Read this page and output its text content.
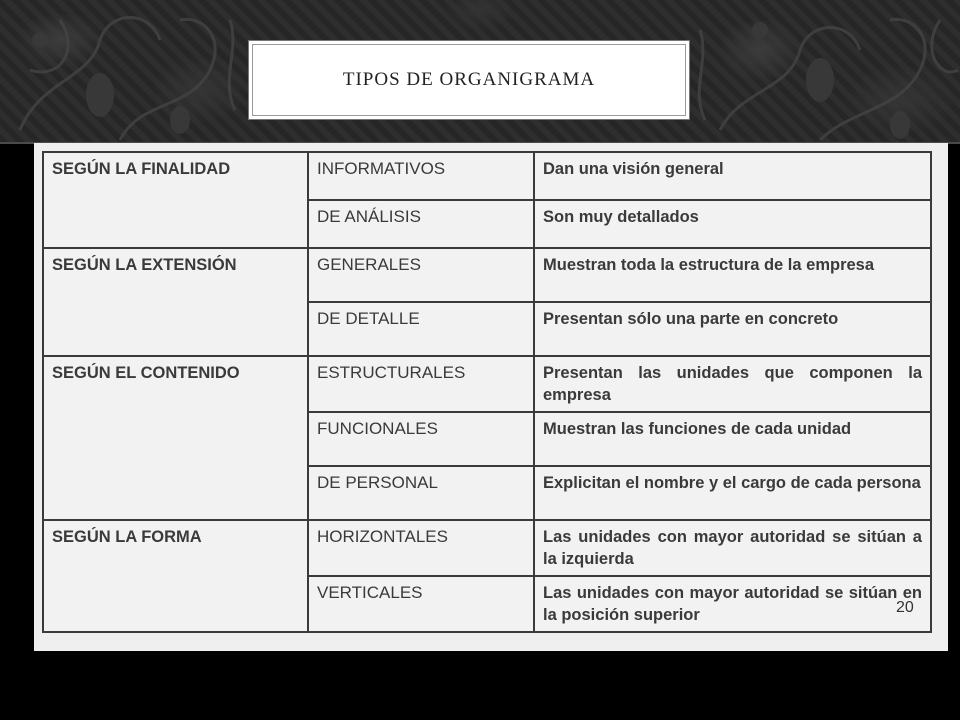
TIPOS DE ORGANIGRAMA
SEGÚN LA FINALIDAD	INFORMATIVOS	Dan una visión general
	DE ANÁLISIS	Son muy detallados
SEGÚN LA EXTENSIÓN	GENERALES	Muestran toda la estructura de la empresa
	DE DETALLE	Presentan sólo una parte en concreto
SEGÚN EL CONTENIDO	ESTRUCTURALES	Presentan las unidades que componen la empresa
	FUNCIONALES	Muestran las funciones de cada unidad
	DE PERSONAL	Explicitan el nombre y el cargo de cada persona
SEGÚN LA FORMA	HORIZONTALES	Las unidades con mayor autoridad se sitúan a la izquierda
	VERTICALES	Las unidades con mayor autoridad se sitúan en la posición superior	20
